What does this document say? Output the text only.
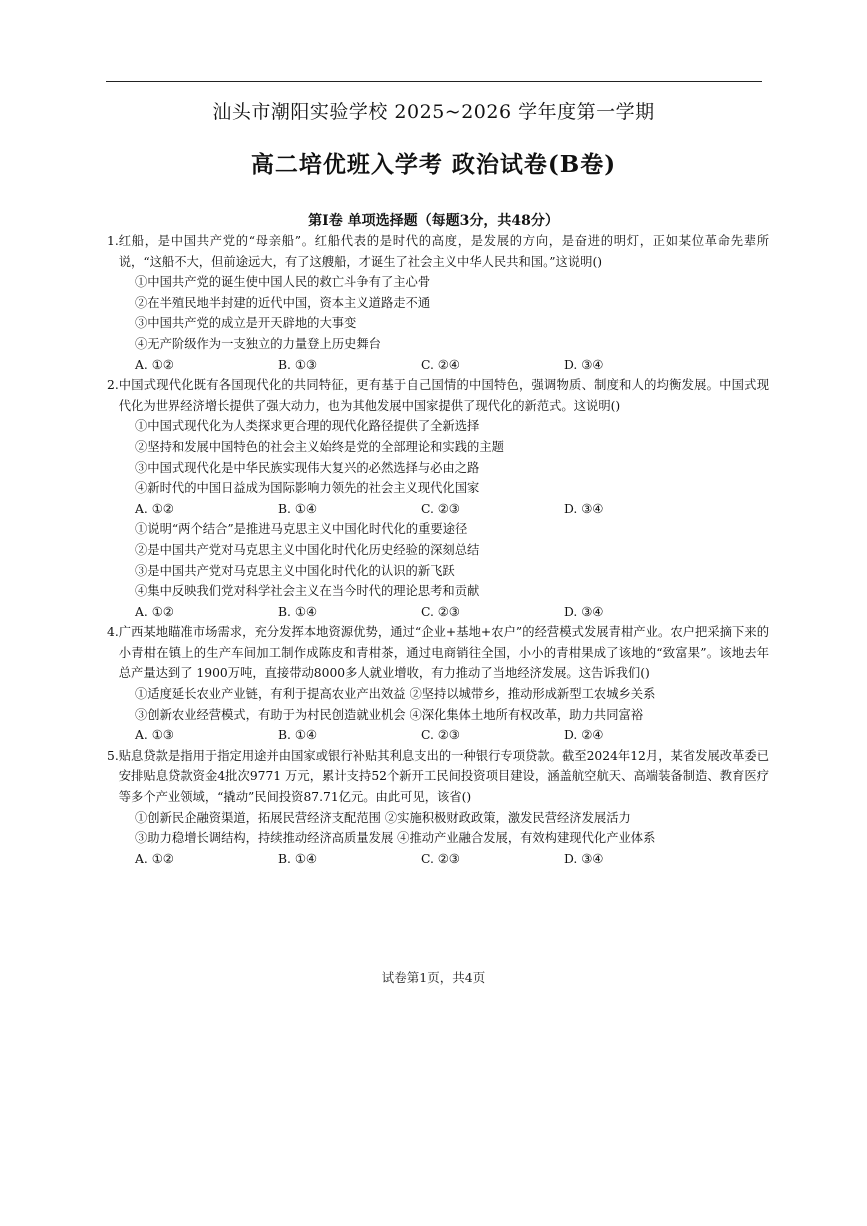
汕头市潮阳实验学校 2025~2026 学年度第一学期
高二培优班入学考 政治试卷(B卷)
第Ⅰ卷 单项选择题（每题3分，共48分）
1. 红船，是中国共产党的“母亲船”。红船代表的是时代的高度，是发展的方向，是奋进的明灯，正如某位革命先辈所说，“这船不大，但前途远大，有了这艘船，才诞生了社会主义中华人民共和国。”这说明()

①中国共产党的诞生使中国人民的救亡斗争有了主心骨

②在半殖民地半封建的近代中国，资本主义道路走不通

③中国共产党的成立是开天辟地的大事变

④无产阶级作为一支独立的力量登上历史舞台

A. ①②	B. ①③	C. ②④	D. ③④
2. 中国式现代化既有各国现代化的共同特征，更有基于自己国情的中国特色，强调物质、制度和人的均衡发展。中国式现代化为世界经济增长提供了强大动力，也为其他发展中国家提供了现代化的新范式。这说明()

①中国式现代化为人类探求更合理的现代化路径提供了全新选择

②坚持和发展中国特色的社会主义始终是党的全部理论和实践的主题

③中国式现代化是中华民族实现伟大复兴的必然选择与必由之路

④新时代的中国日益成为国际影响力领先的社会主义现代化国家

A. ①②	B. ①④	C. ②③	D. ③④

①说明“两个结合”是推进马克思主义中国化时代化的重要途径

②是中国共产党对马克思主义中国化时代化历史经验的深刻总结

③是中国共产党对马克思主义中国化时代化的认识的新飞跃

④集中反映我们党对科学社会主义在当今时代的理论思考和贡献

A. ①②	B. ①④	C. ②③	D. ③④
4. 广西某地瞄准市场需求，充分发挥本地资源优势，通过“企业+基地+农户”的经营模式发展青柑产业。农户把采摘下来的小青柑在镇上的生产车间加工制作成陈皮和青柑茶，通过电商销往全国，小小的青柑果成了该地的“致富果”。该地去年总产量达到了 1900万吨，直接带动8000多人就业增收，有力推动了当地经济发展。这告诉我们()

①适度延长农业产业链，有利于提高农业产出效益 ②坚持以城带乡，推动形成新型工农城乡关系

③创新农业经营模式，有助于为村民创造就业机会 ④深化集体土地所有权改革，助力共同富裕

A. ①③	B. ①④	C. ②③	D. ②④
5. 贴息贷款是指用于指定用途并由国家或银行补贴其利息支出的一种银行专项贷款。截至2024年12月，某省发展改革委已安排贴息贷款资金4批次9771 万元，累计支持52个新开工民间投资项目建设，涵盖航空航天、高端装备制造、教育医疗等多个产业领域，“撬动”民间投资87.71亿元。由此可见，该省()

①创新民企融资渠道，拓展民营经济支配范围 ②实施积极财政政策，激发民营经济发展活力

③助力稳增长调结构，持续推动经济高质量发展 ④推动产业融合发展，有效构建现代化产业体系

A. ①②	B. ①④	C. ②③	D. ③④
试卷第1页，共4页
